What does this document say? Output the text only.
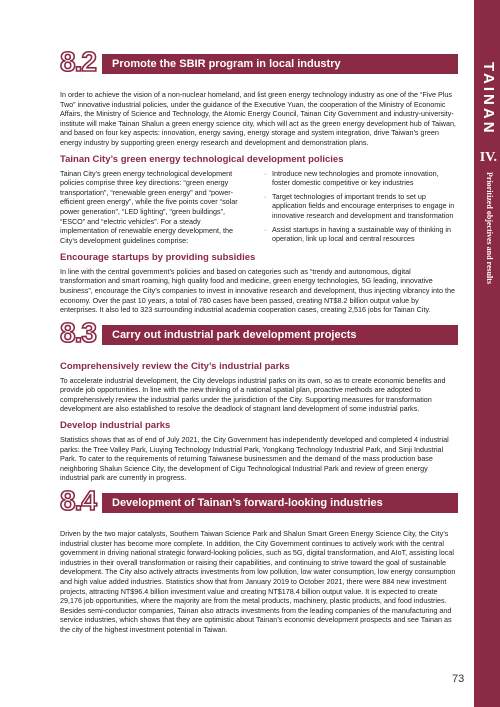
TAINAN
IV.
Prioritized objectives and results
8.2	Promote the SBIR program in local industry

In order to achieve the vision of a non-nuclear homeland, and list green energy technology industry as one of the “Five Plus Two” innovative industrial policies, under the guidance of the Executive Yuan, the cooperation of the Ministry of Economic Affairs, the Ministry of Science and Technology, the Atomic Energy Council, Tainan City Government and industry-university-institute will make Tainan Shalun a green energy science city, which will act as the green energy development hub of Taiwan, and based on four key aspects: innovation, energy saving, energy storage and system integration, drive Taiwan’s green energy industry by supporting green energy research and development and demonstration plans.

Tainan City’s green energy technological development policies
Tainan City’s green energy technological development policies comprise three key directions: “green energy transportation”, “renewable green energy” and “power-efficient green energy”, while the five points cover “solar power generation”, “LED lighting”, “green buildings”, “ESCO” and “electric vehicles”. For a steady implementation of renewable energy development, the City’s development guidelines comprise:
· Introduce new technologies and promote innovation, foster domestic competitive or key industries
· Target technologies of important trends to set up application fields and encourage enterprises to engage in innovative research and development and transformation
· Assist startups in having a sustainable way of thinking in operation, link up local and central resources
Encourage startups by providing subsidies

In line with the central government’s policies and based on categories such as “trendy and autonomous, digital transformation and smart roaming, high quality food and medicine, green energy technologies, 5G leading, innovative business”, encourage the City’s companies to invest in innovative research and development, thus injecting vibrancy into the economy. Over the past 10 years, a total of 780 cases have been passed, creating NT$8.2 billion output value by enterprises. It also led to 323 surrounding industrial academia cooperation cases, creating 2,516 jobs for Tainan City.

8.3	Carry out industrial park development projects
Comprehensively review the City’s industrial parks

To accelerate industrial development, the City develops industrial parks on its own, so as to create economic benefits and provide job opportunities. In line with the new thinking of a national spatial plan, proactive methods are adopted to comprehensively review the industrial parks under the jurisdiction of the City. Supporting measures for transformation development are also established to resolve the deadlock of stagnant land development of some industrial parks.

Develop industrial parks

Statistics shows that as of end of July 2021, the City Government has independently developed and completed 4 industrial parks: the Tree Valley Park, Liuying Technology Industrial Park, Yongkang Technology Industrial Park, and Sinji Industrial Park. To cater to the requirements of returning Taiwanese businessmen and the demand of the mass production base neighboring Shalun Science City, the development of Cigu Technological Industrial Park and review of green energy industrial park are currently in progress.

8.4	Development of Tainan’s forward-looking industries

Driven by the two major catalysts, Southern Taiwan Science Park and Shalun Smart Green Energy Science City, the City’s industrial cluster has become more complete. In addition, the City Government continues to actively work with the central government in driving national strategic forward-looking policies, such as 5G, digital transformation, and AIoT, assisting local industries in their overall transformation or raising their capabilities, and continuing to strive toward the goal of sustainable development. The City also actively attracts investments from low pollution, low water consumption, low energy consumption and high value added industries. Statistics show that from January 2019 to October 2021, there were 884 new investment projects, attracting NT$96.4 billion investment value and creating NT$178.4 billion output value. It is expected to create 29,176 job opportunities, where the majority are from the metal products, machinery, plastic products, and food industries. Besides semi-conductor companies, Tainan also attracts investments from the leading companies of the manufacturing and service industries, which shows that they are optimistic about Tainan’s economic development prospects and see Tainan as the city of the highest investment potential in Taiwan.

73
